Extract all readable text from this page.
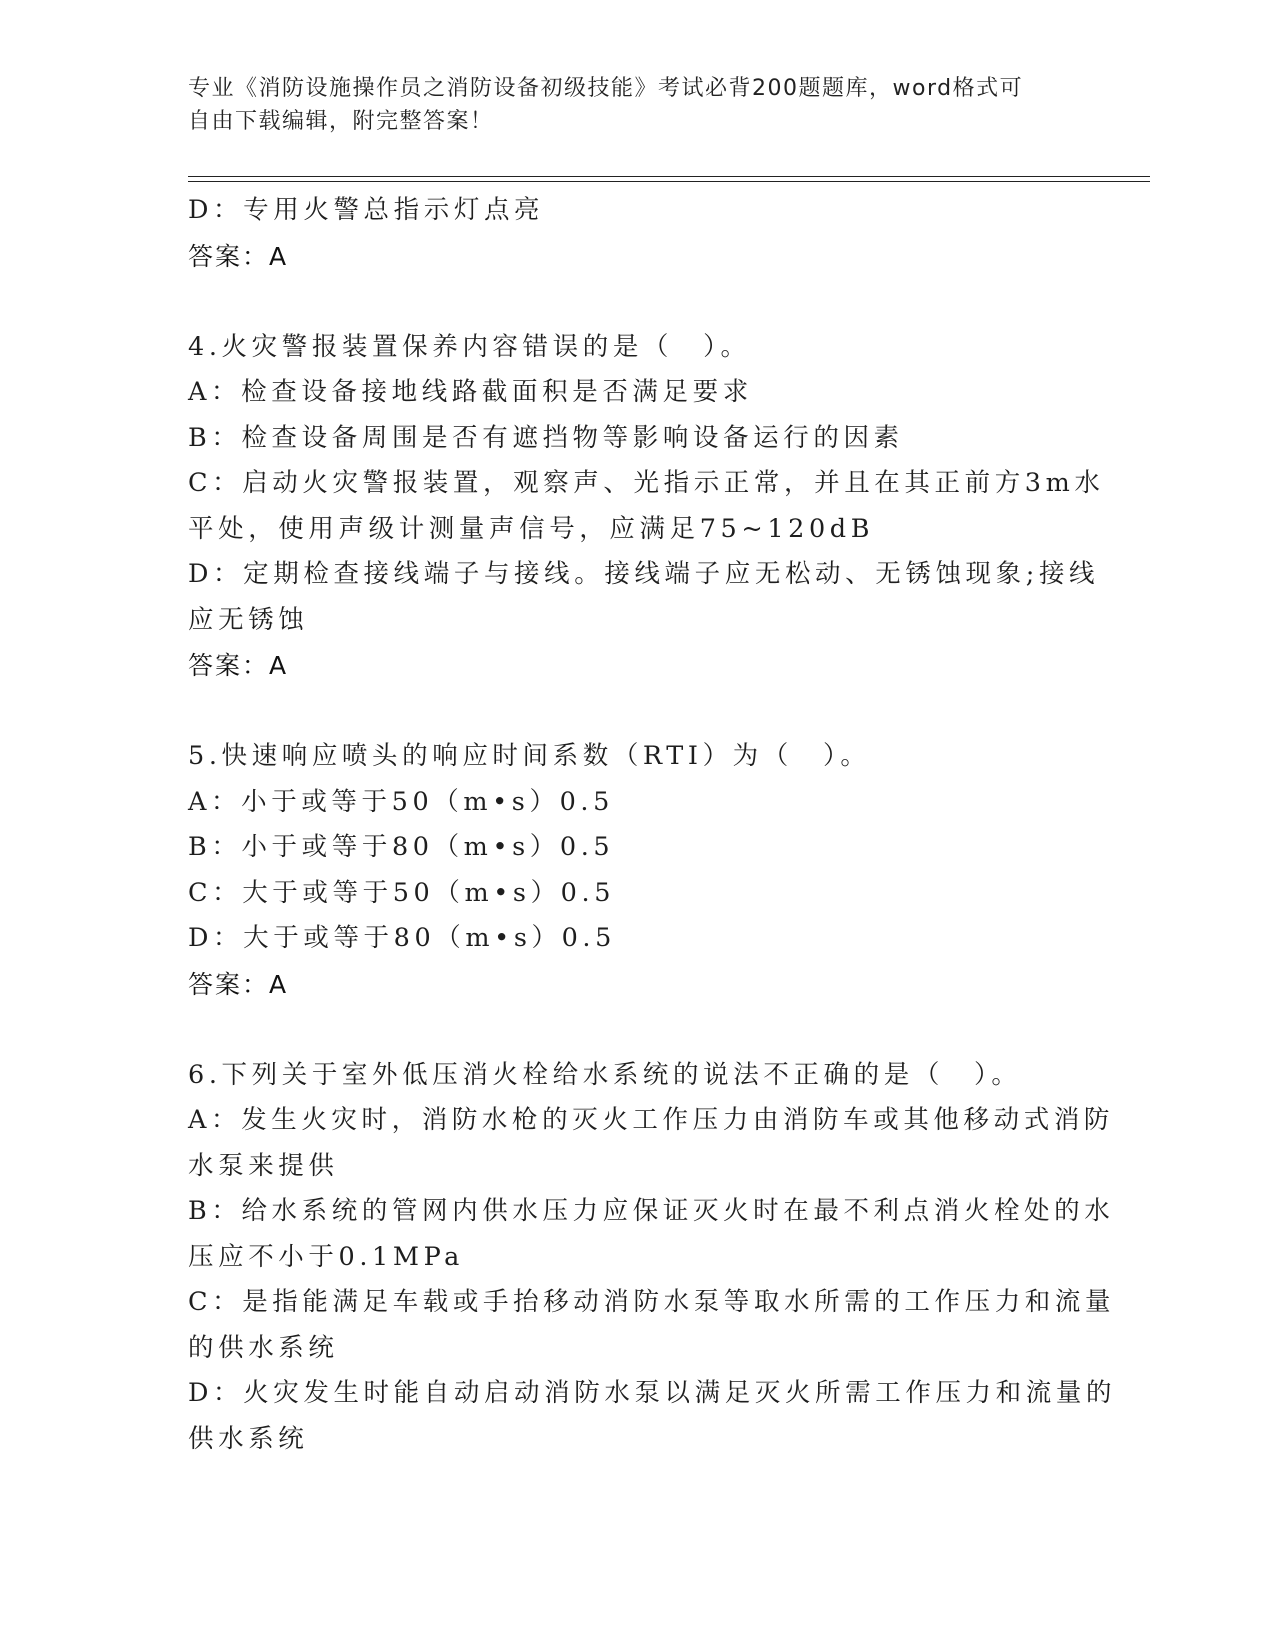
专业《消防设施操作员之消防设备初级技能》考试必背200题题库，word格式可
自由下载编辑，附完整答案！
D：专用火警总指示灯点亮
答案：A
4.火灾警报装置保养内容错误的是（　）。
A：检查设备接地线路截面积是否满足要求
B：检查设备周围是否有遮挡物等影响设备运行的因素
C：启动火灾警报装置，观察声、光指示正常，并且在其正前方3m水
平处，使用声级计测量声信号，应满足75~120dB
D：定期检查接线端子与接线。接线端子应无松动、无锈蚀现象;接线
应无锈蚀
答案：A
5.快速响应喷头的响应时间系数（RTI）为（　）。
A：小于或等于50（m•s）0.5
B：小于或等于80（m•s）0.5
C：大于或等于50（m•s）0.5
D：大于或等于80（m•s）0.5
答案：A
6.下列关于室外低压消火栓给水系统的说法不正确的是（　）。
A：发生火灾时，消防水枪的灭火工作压力由消防车或其他移动式消防
水泵来提供
B：给水系统的管网内供水压力应保证灭火时在最不利点消火栓处的水
压应不小于0.1MPa
C：是指能满足车载或手抬移动消防水泵等取水所需的工作压力和流量
的供水系统
D：火灾发生时能自动启动消防水泵以满足灭火所需工作压力和流量的
供水系统
